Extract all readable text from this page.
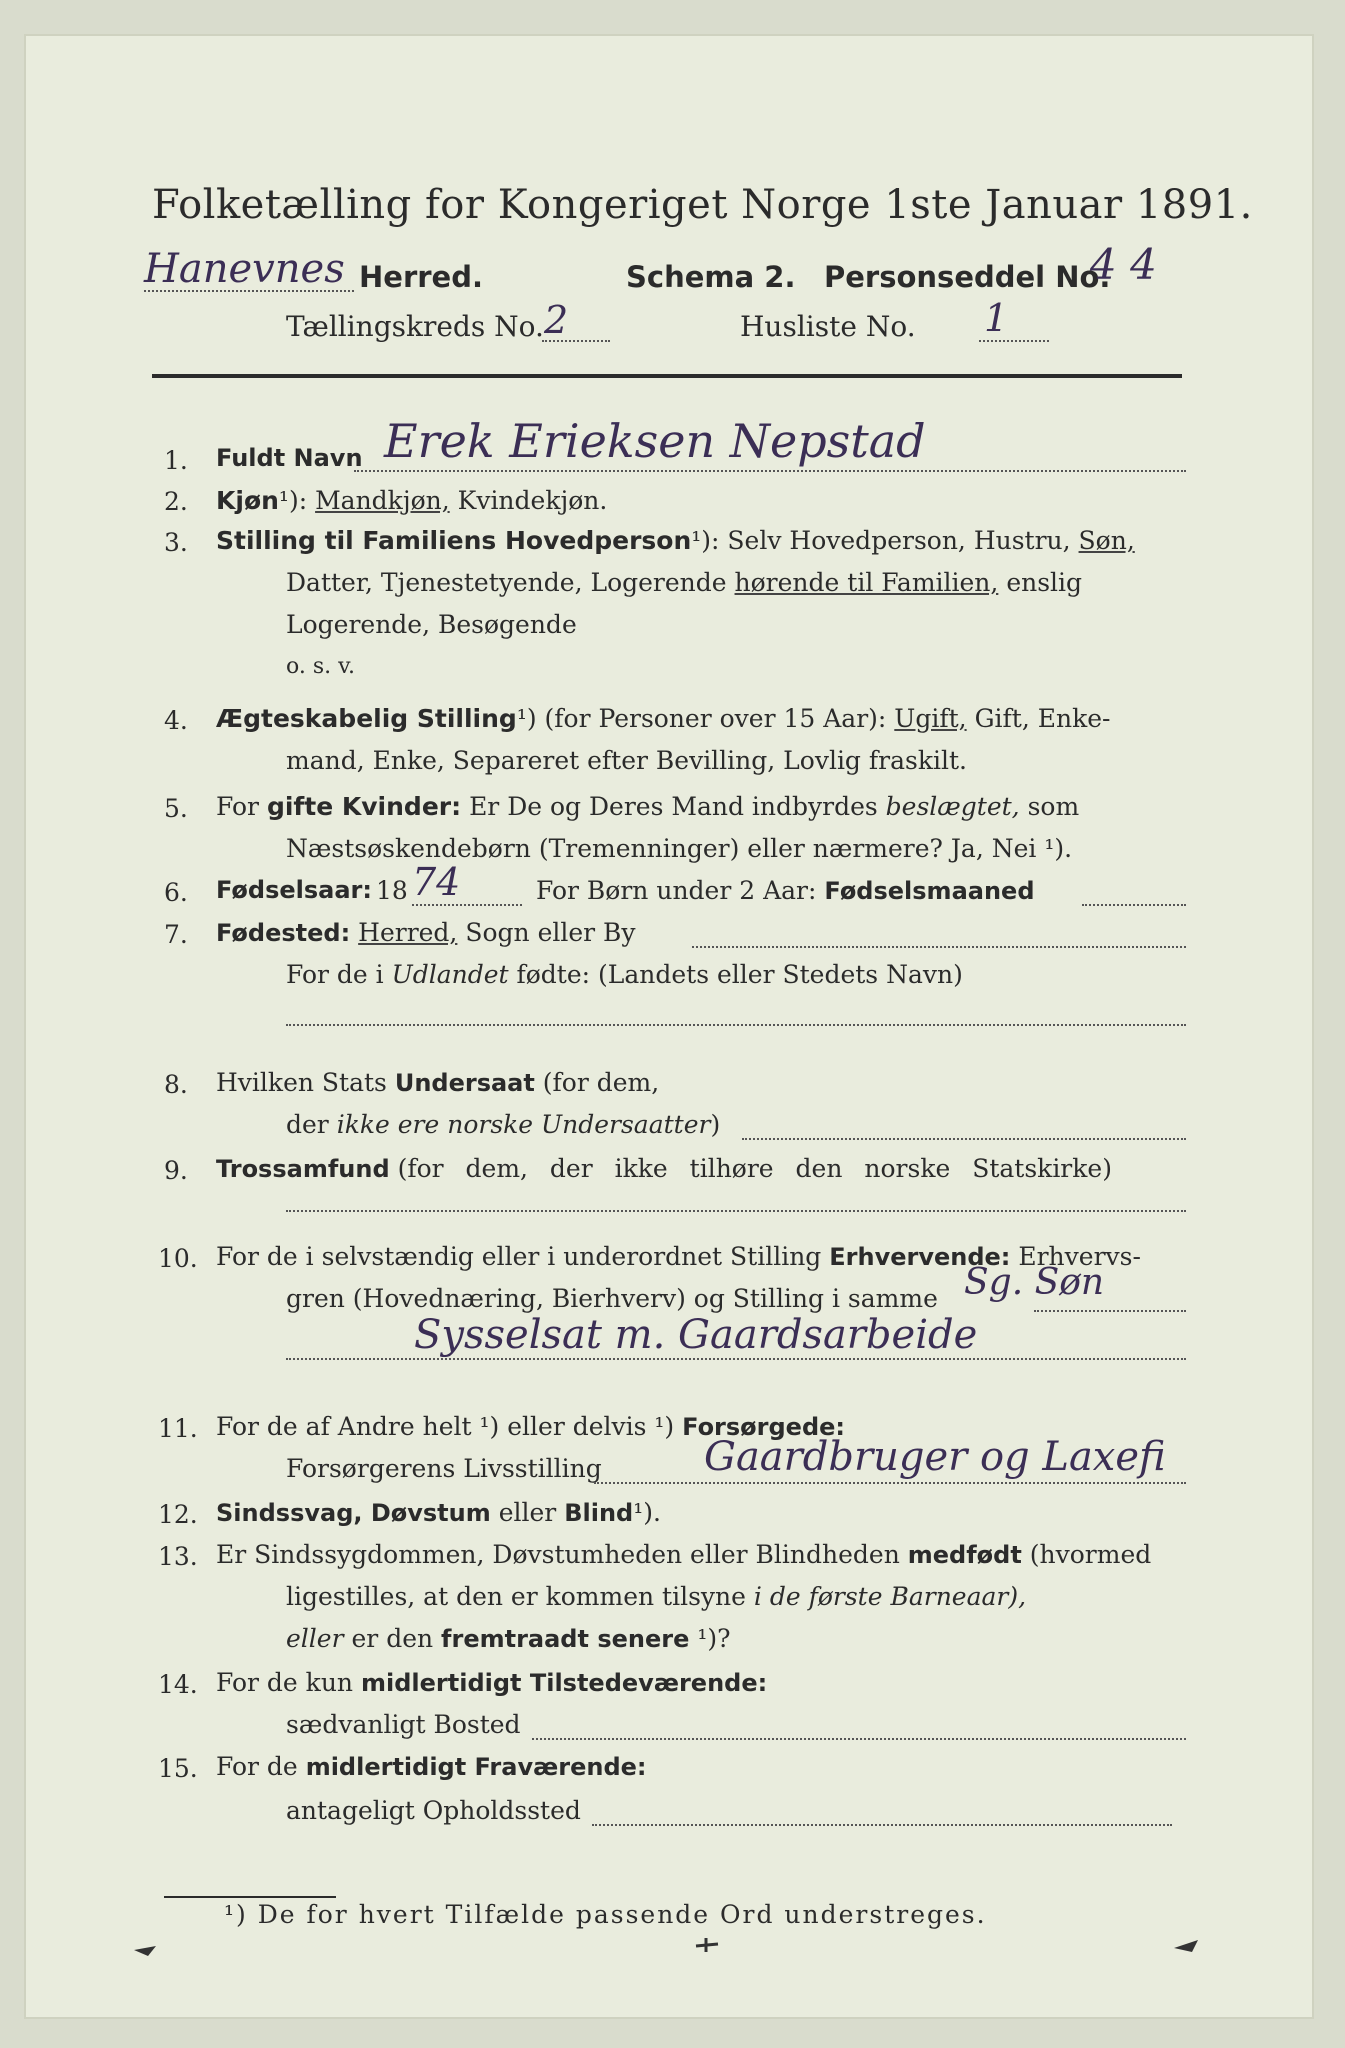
Folketælling for Kongeriget Norge 1ste Januar 1891.
Hanevnes Herred.	Schema 2. Personseddel No.
4 4
Tællingskreds No. 2	Husliste No. 1
1. Fuldt Navn Erek Erieksen Nepstad
2. Kjøn¹): Mandkjøn, Kvindekjøn.
3. Stilling til Familiens Hovedperson¹): Selv Hovedperson, Hustru, Søn,
Datter, Tjenestetyende, Logerende hørende til Familien, enslig
Logerende, Besøgende
o. s. v.
4. Ægteskabelig Stilling¹) (for Personer over 15 Aar): Ugift, Gift, Enke-
mand, Enke, Separeret efter Bevilling, Lovlig fraskilt.
5. For gifte Kvinder: Er De og Deres Mand indbyrdes beslægtet, som
Næstsøskendebørn (Tremenninger) eller nærmere? Ja, Nei ¹).
6. Fødselsaar: 18 74	For Børn under 2 Aar: Fødselsmaaned
7. Fødested: Herred, Sogn eller By
For de i Udlandet fødte: (Landets eller Stedets Navn)
8. Hvilken Stats Undersaat (for dem,
der ikke ere norske Undersaatter)
9. Trossamfund (for dem, der ikke tilhøre den norske Statskirke)
10. For de i selvstændig eller i underordnet Stilling Erhvervende: Erhvervs-
gren (Hovednæring, Bierhverv) og Stilling i samme Sg. Søn
Sysselsat m. Gaardsarbeide
11. For de af Andre helt ¹) eller delvis ¹) Forsørgede:
Forsørgerens Livsstilling	Gaardbruger og Laxefi
12. Sindssvag, Døvstum eller Blind¹).
13. Er Sindssygdommen, Døvstumheden eller Blindheden medfødt (hvormed
ligestilles, at den er kommen tilsyne i de første Barneaar),
eller er den fremtraadt senere ¹)?
14. For de kun midlertidigt Tilstedeværende:
sædvanligt Bosted
15. For de midlertidigt Fraværende:
antageligt Opholdssted
¹) De for hvert Tilfælde passende Ord understreges.
